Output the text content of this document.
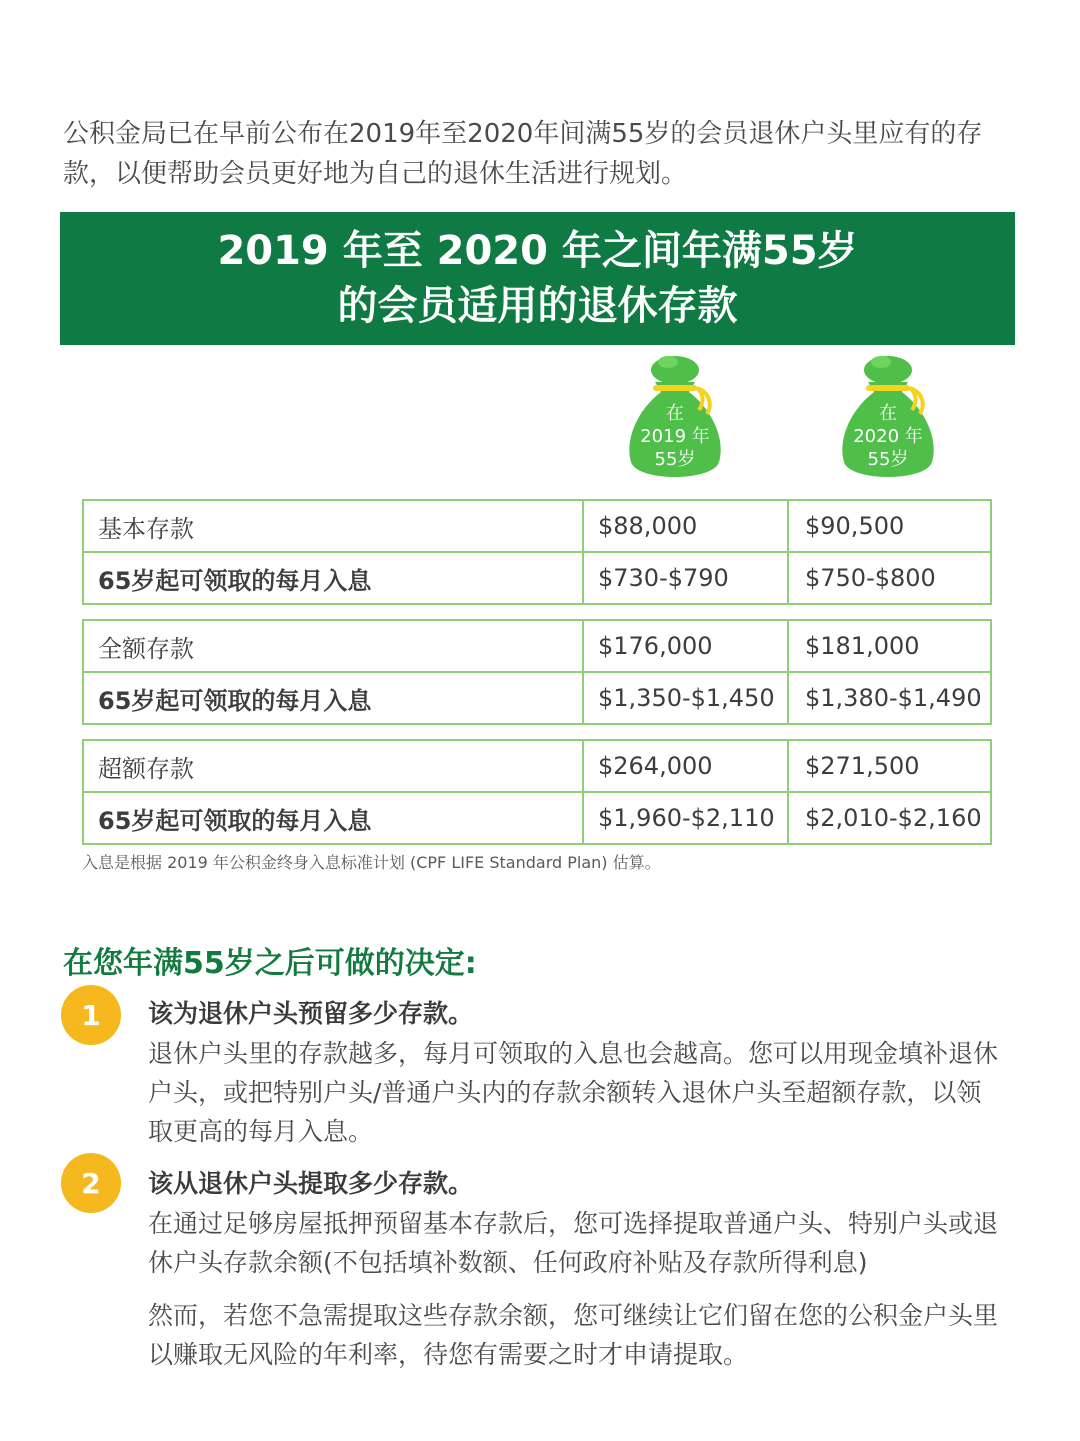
公积金局已在早前公布在2019年至2020年间满55岁的会员退休户头里应有的存款，以便帮助会员更好地为自己的退休生活进行规划。

2019 年至 2020 年之间年满55岁
的会员适用的退休存款
在
2019 年
55岁
在
2020 年
55岁
基本存款	$88,000	$90,500
65岁起可领取的每月入息	$730-$790	$750-$800
全额存款	$176,000	$181,000
65岁起可领取的每月入息	$1,350-$1,450	$1,380-$1,490
超额存款	$264,000	$271,500
65岁起可领取的每月入息	$1,960-$2,110	$2,010-$2,160
入息是根据 2019 年公积金终身入息标准计划 (CPF LIFE Standard Plan) 估算。
在您年满55岁之后可做的决定:
1	该为退休户头预留多少存款。

退休户头里的存款越多，每月可领取的入息也会越高。您可以用现金填补退休户头，或把特别户头/普通户头内的存款余额转入退休户头至超额存款，以领取更高的每月入息。

2	该从退休户头提取多少存款。

在通过足够房屋抵押预留基本存款后，您可选择提取普通户头、特别户头或退休户头存款余额(不包括填补数额、任何政府补贴及存款所得利息)

然而，若您不急需提取这些存款余额，您可继续让它们留在您的公积金户头里以赚取无风险的年利率，待您有需要之时才申请提取。
